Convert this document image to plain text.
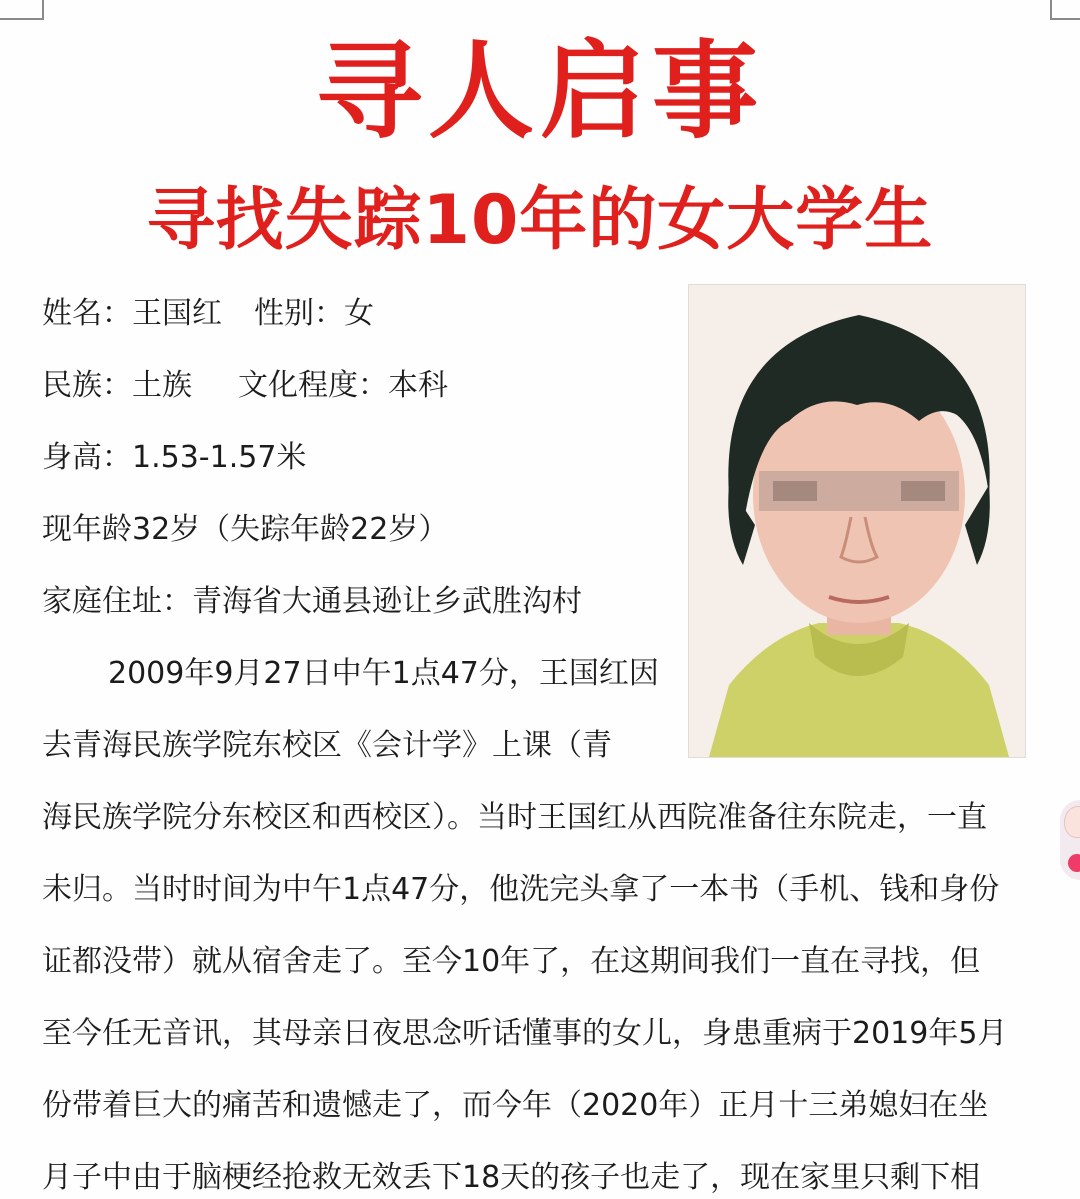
寻人启事
寻找失踪10年的女大学生
姓名：王国红 性别：女
民族：土族 文化程度：本科
身高：1.53-1.57米
现年龄32岁（失踪年龄22岁）
家庭住址：青海省大通县逊让乡武胜沟村
2009年9月27日中午1点47分，王国红因
去青海民族学院东校区《会计学》上课（青
海民族学院分东校区和西校区）。当时王国红从西院准备往东院走，一直
未归。当时时间为中午1点47分，他洗完头拿了一本书（手机、钱和身份
证都没带）就从宿舍走了。至今10年了，在这期间我们一直在寻找，但
至今任无音讯，其母亲日夜思念听话懂事的女儿，身患重病于2019年5月
份带着巨大的痛苦和遗憾走了，而今年（2020年）正月十三弟媳妇在坐
月子中由于脑梗经抢救无效丢下18天的孩子也走了，现在家里只剩下相
